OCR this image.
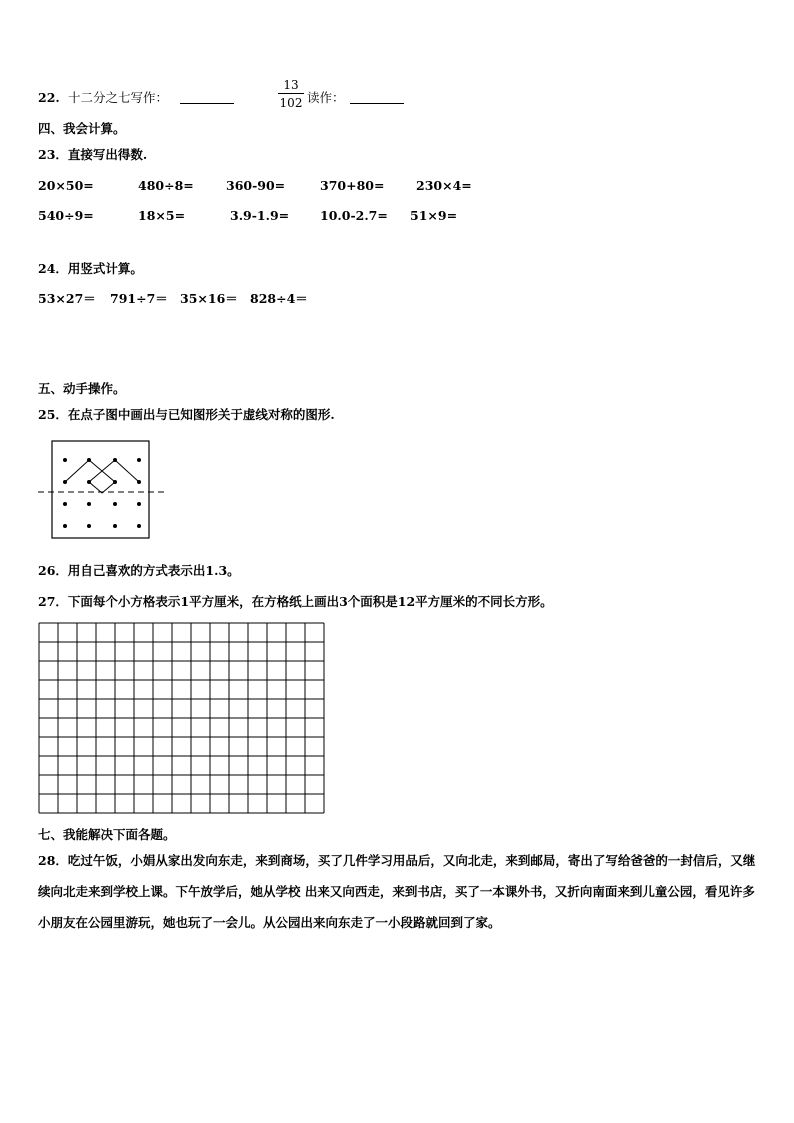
22. 十二分之七写作：
13
102 读作：
四、我会计算。
23．直接写出得数.
20×50=	480÷8=	360-90=	370+80=	230×4=
540÷9=	18×5=	3.9-1.9= 10.0-2.7= 51×9=
24．用竖式计算。
53×27＝ 791÷7＝ 35×16＝ 828÷4＝
五、动手操作。
25．在点子图中画出与已知图形关于虚线对称的图形.
26．用自己喜欢的方式表示出1.3。
27．下面每个小方格表示1平方厘米，在方格纸上画出3个面积是12平方厘米的不同长方形。
七、我能解决下面各题。
28．吃过午饭，小娟从家出发向东走，来到商场，买了几件学习用品后，又向北走，来到邮局，寄出了写给爸爸的一封信后，又继续向北走来到学校上课。下午放学后，她从学校 出来又向西走，来到书店，买了一本课外书，又折向南面来到儿童公园，看见许多小朋友在公园里游玩，她也玩了一会儿。从公园出来向东走了一小段路就回到了家。
